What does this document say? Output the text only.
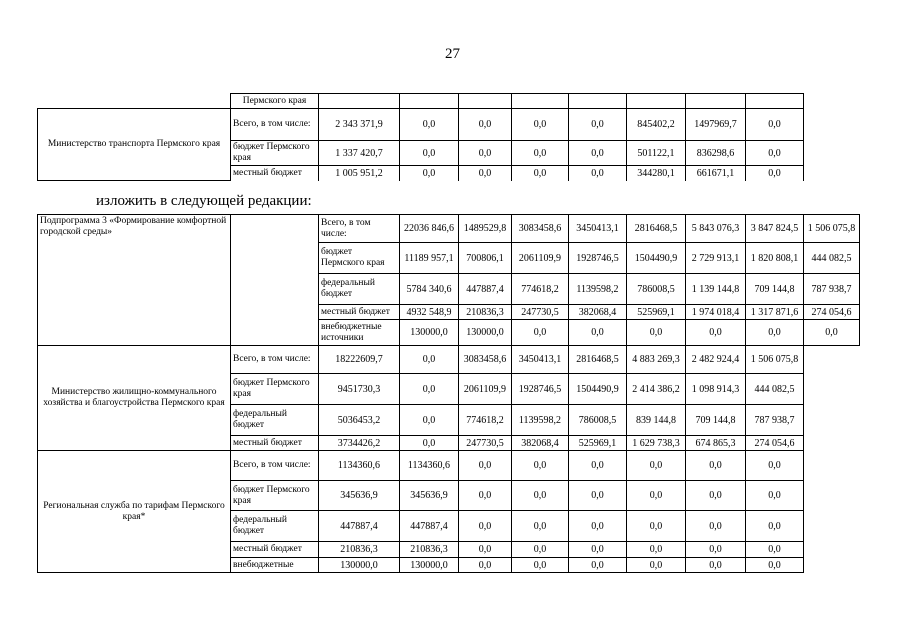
27
	Пермского края								
Министерство транспорта Пермского края	Всего, в том числе:	2 343 371,9	0,0	0,0	0,0	0,0	845402,2	1497969,7	0,0
	бюджет Пермского края	1 337 420,7	0,0	0,0	0,0	0,0	501122,1	836298,6	0,0
	местный бюджет	1 005 951,2	0,0	0,0	0,0	0,0	344280,1	661671,1	0,0
изложить в следующей редакции:
Подпрограмма 3 «Формирование комфортной городской среды»		Всего, в том числе:	22036 846,6	1489529,8	3083458,6	3450413,1	2816468,5	5 843 076,3	3 847 824,5	1 506 075,8
		бюджет Пермского края	11189 957,1	700806,1	2061109,9	1928746,5	1504490,9	2 729 913,1	1 820 808,1	444 082,5
		федеральный бюджет	5784 340,6	447887,4	774618,2	1139598,2	786008,5	1 139 144,8	709 144,8	787 938,7
		местный бюджет	4932 548,9	210836,3	247730,5	382068,4	525969,1	1 974 018,4	1 317 871,6	274 054,6
		внебюджетные источники	130000,0	130000,0	0,0	0,0	0,0	0,0	0,0	0,0
Министерство жилищно-коммунального хозяйства и благоустройства Пермского края	Всего, в том числе:	18222609,7	0,0	3083458,6	3450413,1	2816468,5	4 883 269,3	2 482 924,4	1 506 075,8	
	бюджет Пермского края	9451730,3	0,0	2061109,9	1928746,5	1504490,9	2 414 386,2	1 098 914,3	444 082,5	
	федеральный бюджет	5036453,2	0,0	774618,2	1139598,2	786008,5	839 144,8	709 144,8	787 938,7	
	местный бюджет	3734426,2	0,0	247730,5	382068,4	525969,1	1 629 738,3	674 865,3	274 054,6	
Региональная служба по тарифам Пермского края*	Всего, в том числе:	1134360,6	1134360,6	0,0	0,0	0,0	0,0	0,0	0,0	
	бюджет Пермского края	345636,9	345636,9	0,0	0,0	0,0	0,0	0,0	0,0	
	федеральный бюджет	447887,4	447887,4	0,0	0,0	0,0	0,0	0,0	0,0	
	местный бюджет	210836,3	210836,3	0,0	0,0	0,0	0,0	0,0	0,0	
	внебюджетные	130000,0	130000,0	0,0	0,0	0,0	0,0	0,0	0,0	
